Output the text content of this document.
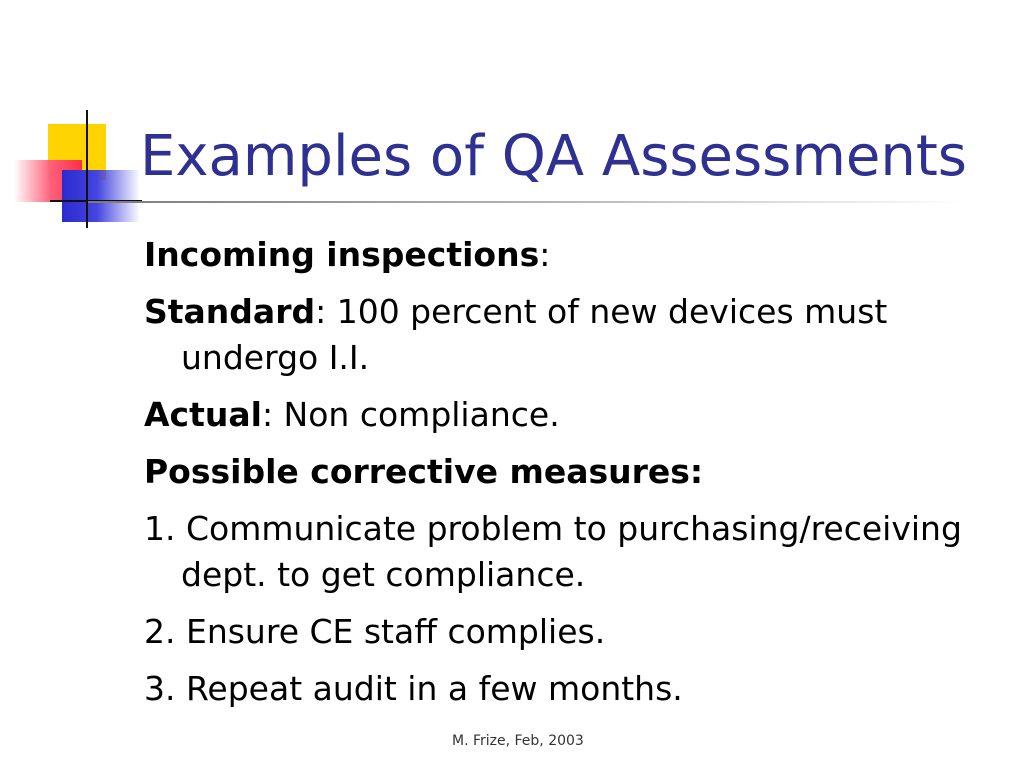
Examples of QA Assessments
Incoming inspections:
Standard: 100 percent of new devices must undergo I.I.
Actual: Non compliance.
Possible corrective measures:
1. Communicate problem to purchasing/receiving dept. to get compliance.
2. Ensure CE staff complies.
3. Repeat audit in a few months.
M. Frize, Feb, 2003
